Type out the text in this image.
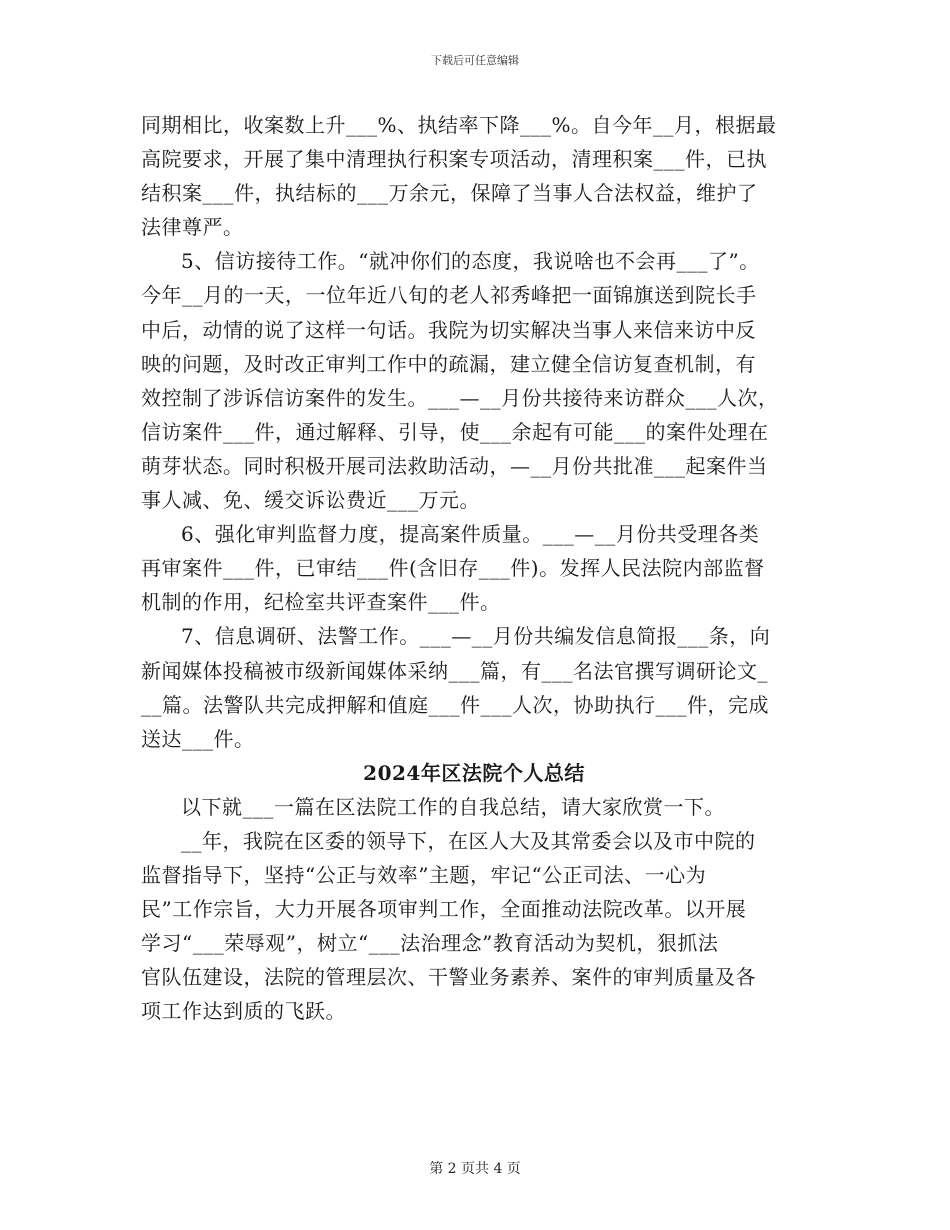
下载后可任意编辑
同期相比，收案数上升___%、执结率下降___%。自今年__月，根据最
高院要求，开展了集中清理执行积案专项活动，清理积案___件，已执
结积案___件，执结标的___万余元，保障了当事人合法权益，维护了
法律尊严。
5、信访接待工作。“就冲你们的态度，我说啥也不会再___了”。
今年__月的一天，一位年近八旬的老人祁秀峰把一面锦旗送到院长手
中后，动情的说了这样一句话。我院为切实解决当事人来信来访中反
映的问题，及时改正审判工作中的疏漏，建立健全信访复查机制，有
效控制了涉诉信访案件的发生。___—__月份共接待来访群众___人次，
信访案件___件，通过解释、引导，使___余起有可能___的案件处理在
萌芽状态。同时积极开展司法救助活动，—__月份共批准___起案件当
事人减、免、缓交诉讼费近___万元。
6、强化审判监督力度，提高案件质量。___—__月份共受理各类
再审案件___件，已审结___件(含旧存___件)。发挥人民法院内部监督
机制的作用，纪检室共评查案件___件。
7、信息调研、法警工作。___—__月份共编发信息简报___条，向
新闻媒体投稿被市级新闻媒体采纳___篇，有___名法官撰写调研论文_
__篇。法警队共完成押解和值庭___件___人次，协助执行___件，完成
送达___件。
2024年区法院个人总结
以下就___一篇在区法院工作的自我总结，请大家欣赏一下。
__年，我院在区委的领导下，在区人大及其常委会以及市中院的
监督指导下，坚持“公正与效率”主题，牢记“公正司法、一心为
民”工作宗旨，大力开展各项审判工作，全面推动法院改革。以开展
学习“___荣辱观”，树立“___法治理念”教育活动为契机，狠抓法
官队伍建设，法院的管理层次、干警业务素养、案件的审判质量及各
项工作达到质的飞跃。
第 2 页共 4 页
